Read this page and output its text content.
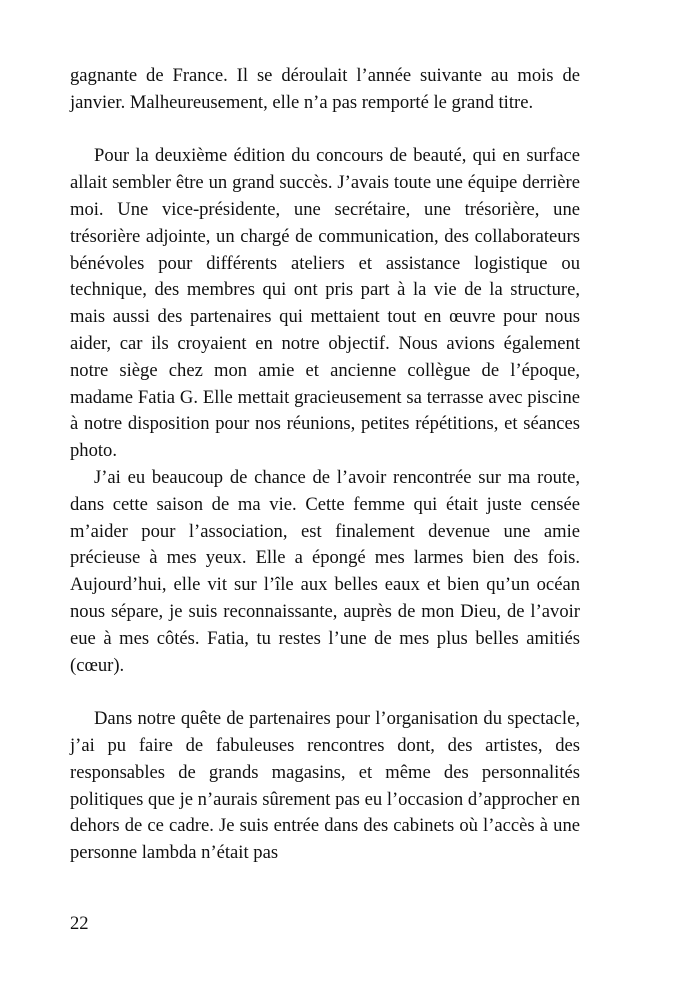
gagnante de France. Il se déroulait l’année suivante au mois de janvier. Malheureusement, elle n’a pas remporté le grand titre.

Pour la deuxième édition du concours de beauté, qui en surface allait sembler être un grand succès. J’avais toute une équipe derrière moi. Une vice-présidente, une secrétaire, une trésorière, une trésorière adjointe, un chargé de communication, des collaborateurs bénévoles pour différents ateliers et assistance logistique ou technique, des membres qui ont pris part à la vie de la structure, mais aussi des partenaires qui mettaient tout en œuvre pour nous aider, car ils croyaient en notre objectif. Nous avions également notre siège chez mon amie et ancienne collègue de l’époque, madame Fatia G. Elle mettait gracieusement sa terrasse avec piscine à notre disposition pour nos réunions, petites répétitions, et séances photo.

J’ai eu beaucoup de chance de l’avoir rencontrée sur ma route, dans cette saison de ma vie. Cette femme qui était juste censée m’aider pour l’association, est finalement devenue une amie précieuse à mes yeux. Elle a épongé mes larmes bien des fois. Aujourd’hui, elle vit sur l’île aux belles eaux et bien qu’un océan nous sépare, je suis reconnaissante, auprès de mon Dieu, de l’avoir eue à mes côtés. Fatia, tu restes l’une de mes plus belles amitiés (cœur).

Dans notre quête de partenaires pour l’organisation du spectacle, j’ai pu faire de fabuleuses rencontres dont, des artistes, des responsables de grands magasins, et même des personnalités politiques que je n’aurais sûrement pas eu l’occasion d’approcher en dehors de ce cadre. Je suis entrée dans des cabinets où l’accès à une personne lambda n’était pas

22
